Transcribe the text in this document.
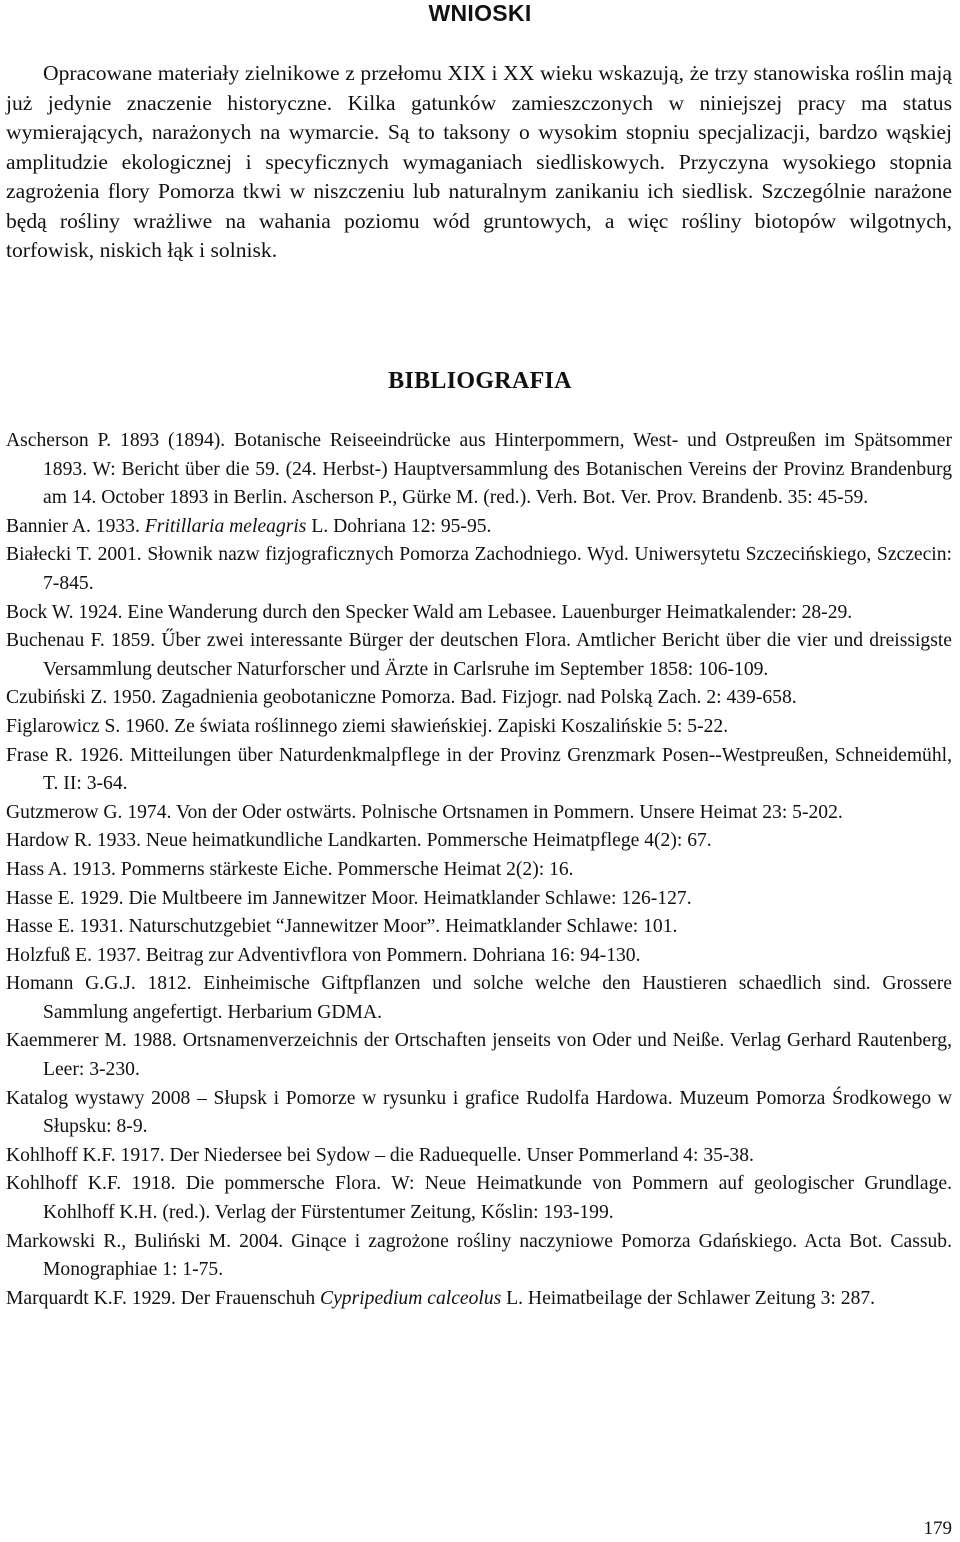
WNIOSKI

Opracowane materiały zielnikowe z przełomu XIX i XX wieku wskazują, że trzy stanowiska roślin mają już jedynie znaczenie historyczne. Kilka gatunków zamieszczonych w niniejszej pracy ma status wymierających, narażonych na wymarcie. Są to taksony o wysokim stopniu specjalizacji, bardzo wąskiej amplitudzie ekologicznej i specyficznych wymaganiach siedliskowych. Przyczyna wysokiego stopnia zagrożenia flory Pomorza tkwi w niszczeniu lub naturalnym zanikaniu ich siedlisk. Szczególnie narażone będą rośliny wrażliwe na wahania poziomu wód gruntowych, a więc rośliny biotopów wilgotnych, torfowisk, niskich łąk i solnisk.

BIBLIOGRAFIA
Ascherson P. 1893 (1894). Botanische Reiseeindrücke aus Hinterpommern, West- und Ostpreußen im Spätsommer 1893. W: Bericht über die 59. (24. Herbst-) Hauptversammlung des Botanischen Vereins der Provinz Brandenburg am 14. October 1893 in Berlin. Ascherson P., Gürke M. (red.). Verh. Bot. Ver. Prov. Brandenb. 35: 45-59.
Bannier A. 1933. Fritillaria meleagris L. Dohriana 12: 95-95.
Białecki T. 2001. Słownik nazw fizjograficznych Pomorza Zachodniego. Wyd. Uniwersytetu Szczecińskiego, Szczecin: 7-845.
Bock W. 1924. Eine Wanderung durch den Specker Wald am Lebasee. Lauenburger Heimatkalender: 28-29.
Buchenau F. 1859. Űber zwei interessante Bürger der deutschen Flora. Amtlicher Bericht über die vier und dreissigste Versammlung deutscher Naturforscher und Ärzte in Carlsruhe im September 1858: 106-109.
Czubiński Z. 1950. Zagadnienia geobotaniczne Pomorza. Bad. Fizjogr. nad Polską Zach. 2: 439-658.
Figlarowicz S. 1960. Ze świata roślinnego ziemi sławieńskiej. Zapiski Koszalińskie 5: 5-22.
Frase R. 1926. Mitteilungen über Naturdenkmalpflege in der Provinz Grenzmark Posen--Westpreußen, Schneidemühl, T. II: 3-64.
Gutzmerow G. 1974. Von der Oder ostwärts. Polnische Ortsnamen in Pommern. Unsere Heimat 23: 5-202.
Hardow R. 1933. Neue heimatkundliche Landkarten. Pommersche Heimatpflege 4(2): 67.
Hass A. 1913. Pommerns stärkeste Eiche. Pommersche Heimat 2(2): 16.
Hasse E. 1929. Die Multbeere im Jannewitzer Moor. Heimatklander Schlawe: 126-127.
Hasse E. 1931. Naturschutzgebiet “Jannewitzer Moor”. Heimatklander Schlawe: 101.
Holzfuß E. 1937. Beitrag zur Adventivflora von Pommern. Dohriana 16: 94-130.
Homann G.G.J. 1812. Einheimische Giftpflanzen und solche welche den Haustieren schaedlich sind. Grossere Sammlung angefertigt. Herbarium GDMA.
Kaemmerer M. 1988. Ortsnamenverzeichnis der Ortschaften jenseits von Oder und Neiße. Verlag Gerhard Rautenberg, Leer: 3-230.
Katalog wystawy 2008 – Słupsk i Pomorze w rysunku i grafice Rudolfa Hardowa. Muzeum Pomorza Środkowego w Słupsku: 8-9.
Kohlhoff K.F. 1917. Der Niedersee bei Sydow – die Raduequelle. Unser Pommerland 4: 35-38.
Kohlhoff K.F. 1918. Die pommersche Flora. W: Neue Heimatkunde von Pommern auf geologischer Grundlage. Kohlhoff K.H. (red.). Verlag der Fürstentumer Zeitung, Kőslin: 193-199.
Markowski R., Buliński M. 2004. Ginące i zagrożone rośliny naczyniowe Pomorza Gdańskiego. Acta Bot. Cassub. Monographiae 1: 1-75.
Marquardt K.F. 1929. Der Frauenschuh Cypripedium calceolus L. Heimatbeilage der Schlawer Zeitung 3: 287.
179
